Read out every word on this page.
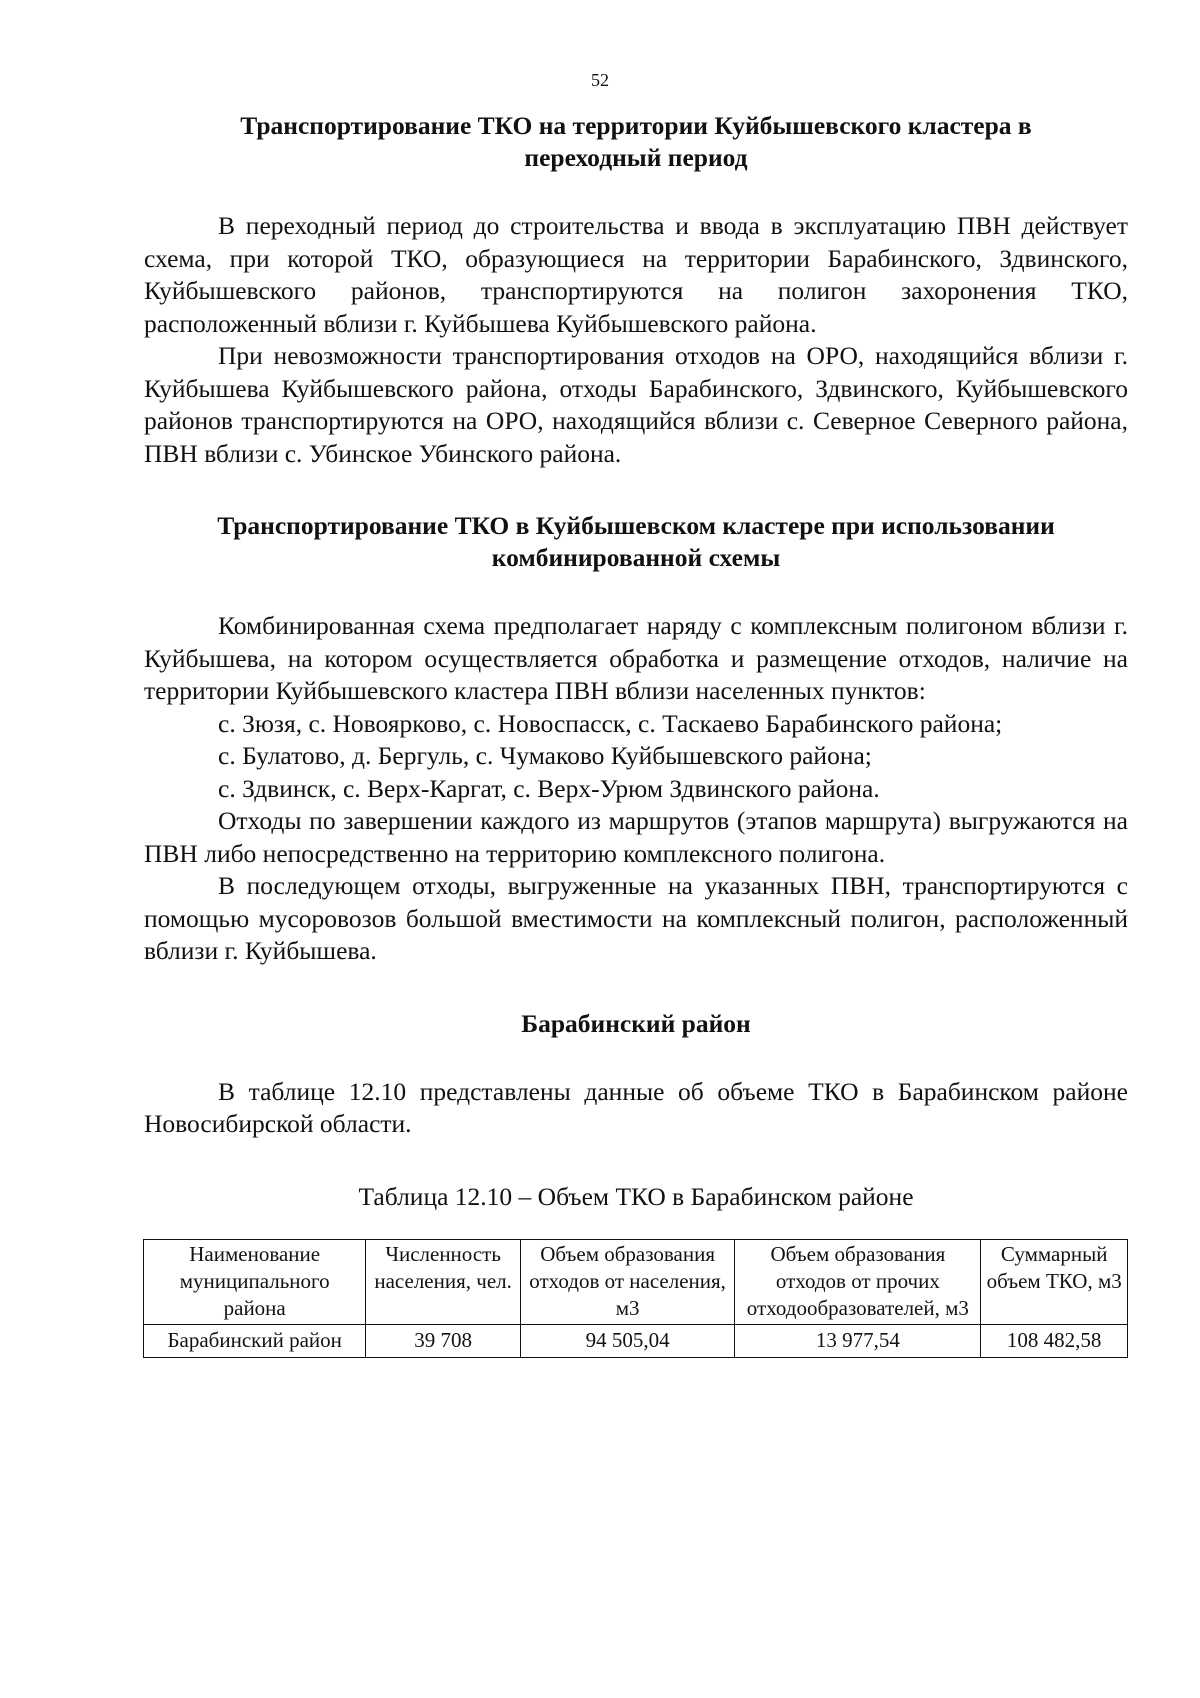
52

Транспортирование ТКО на территории Куйбышевского кластера в
переходный период

В переходный период до строительства и ввода в эксплуатацию ПВН действует схема, при которой ТКО, образующиеся на территории Барабинского, Здвинского, Куйбышевского районов, транспортируются на полигон захоронения ТКО, расположенный вблизи г. Куйбышева Куйбышевского района.

При невозможности транспортирования отходов на ОРО, находящийся вблизи г. Куйбышева Куйбышевского района, отходы Барабинского, Здвинского, Куйбышевского районов транспортируются на ОРО, находящийся вблизи с. Северное Северного района, ПВН вблизи с. Убинское Убинского района.

Транспортирование ТКО в Куйбышевском кластере при использовании
комбинированной схемы

Комбинированная схема предполагает наряду с комплексным полигоном вблизи г. Куйбышева, на котором осуществляется обработка и размещение отходов, наличие на территории Куйбышевского кластера ПВН вблизи населенных пунктов:

с. Зюзя, с. Новоярково, с. Новоспасск, с. Таскаево Барабинского района;

с. Булатово, д. Бергуль, с. Чумаково Куйбышевского района;

с. Здвинск, с. Верх-Каргат, с. Верх-Урюм Здвинского района.

Отходы по завершении каждого из маршрутов (этапов маршрута) выгружаются на ПВН либо непосредственно на территорию комплексного полигона.

В последующем отходы, выгруженные на указанных ПВН, транспортируются с помощью мусоровозов большой вместимости на комплексный полигон, расположенный вблизи г. Куйбышева.

Барабинский район

В таблице 12.10 представлены данные об объеме ТКО в Барабинском районе Новосибирской области.

Таблица 12.10 – Объем ТКО в Барабинском районе

Наименование муниципального района	Численность населения, чел.	Объем образования отходов от населения, м3	Объем образования отходов от прочих отходообразователей, м3	Суммарный объем ТКО, м3
Барабинский район	39 708	94 505,04	13 977,54	108 482,58
